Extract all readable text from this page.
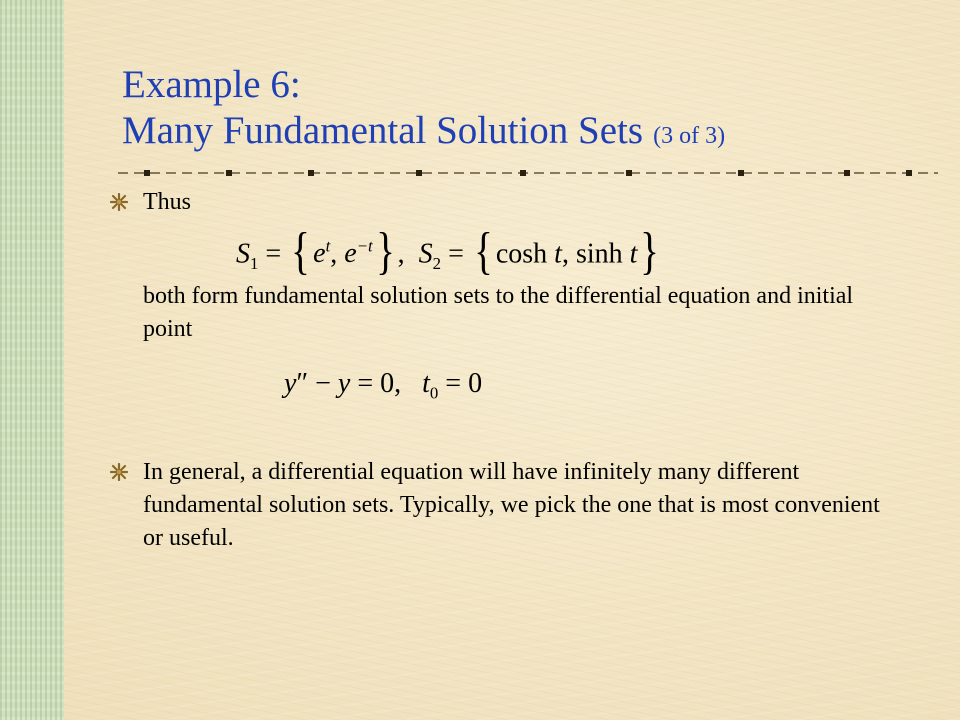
Example 6:
Many Fundamental Solution Sets (3 of 3)
Thus
$S_1$ = { $e^t$, $e^{-t}$} ,  $S_2$ = { cosh t, sinh t}
both form fundamental solution sets to the differential equation and initial point
y″ − y = 0,   $t_0 = 0$
In general, a differential equation will have infinitely many different fundamental solution sets. Typically, we pick the one that is most convenient or useful.
